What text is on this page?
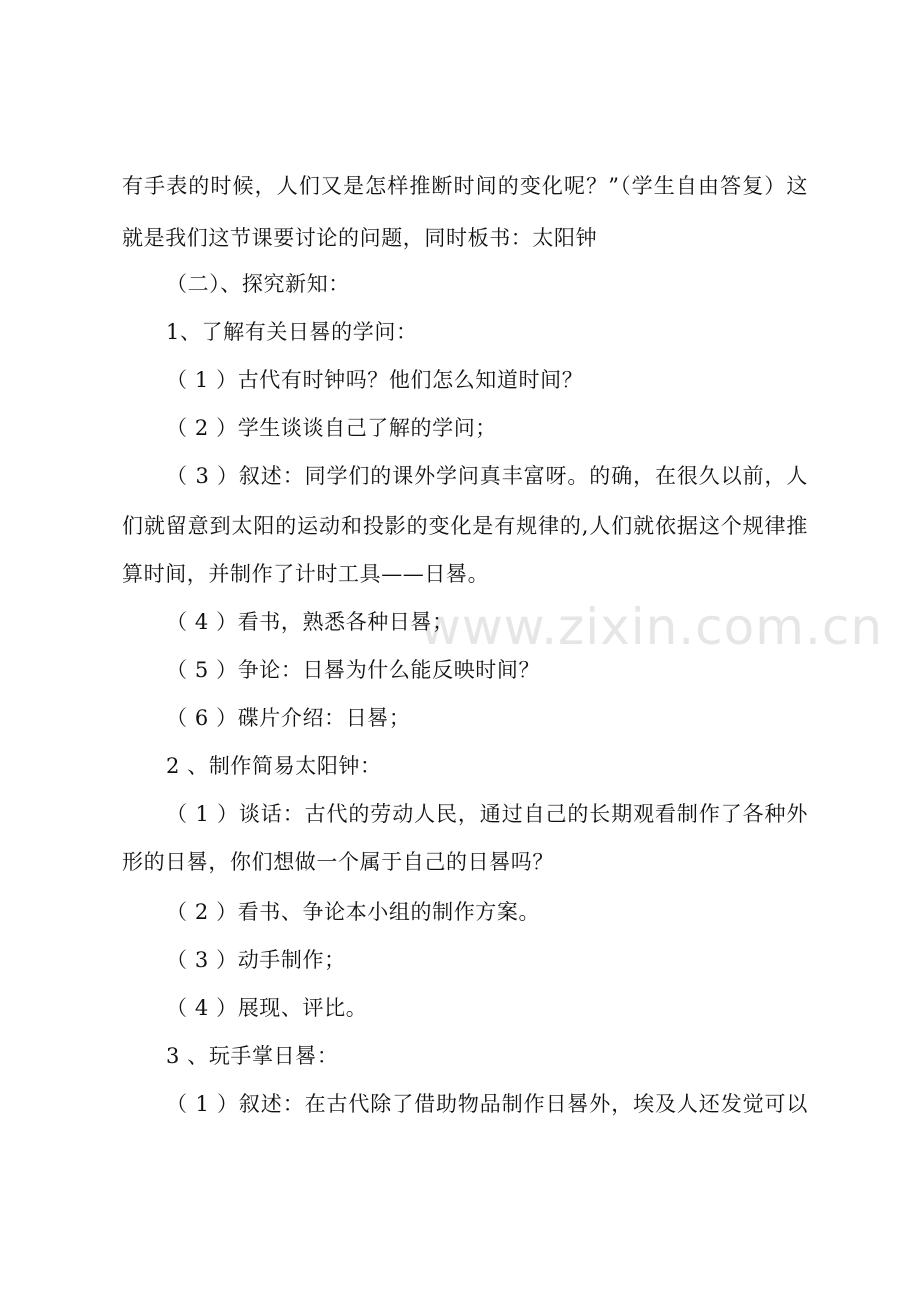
www.zixin.com.cn
有手表的时候，人们又是怎样推断时间的变化呢？”（学生自由答复）这
就是我们这节课要讨论的问题，同时板书：太阳钟
（二）、探究新知：
1、了解有关日晷的学问：
（ 1 ）古代有时钟吗？他们怎么知道时间？
（ 2 ）学生谈谈自己了解的学问；
（ 3 ）叙述：同学们的课外学问真丰富呀。的确，在很久以前，人
们就留意到太阳的运动和投影的变化是有规律的,人们就依据这个规律推
算时间，并制作了计时工具——日晷。
（ 4 ）看书，熟悉各种日晷；
（ 5 ）争论：日晷为什么能反映时间？
（ 6 ）碟片介绍：日晷；
2 、制作简易太阳钟：
（ 1 ）谈话：古代的劳动人民，通过自己的长期观看制作了各种外
形的日晷，你们想做一个属于自己的日晷吗？
（ 2 ）看书、争论本小组的制作方案。
（ 3 ）动手制作；
（ 4 ）展现、评比。
3 、玩手掌日晷：
（ 1 ）叙述：在古代除了借助物品制作日晷外，埃及人还发觉可以
